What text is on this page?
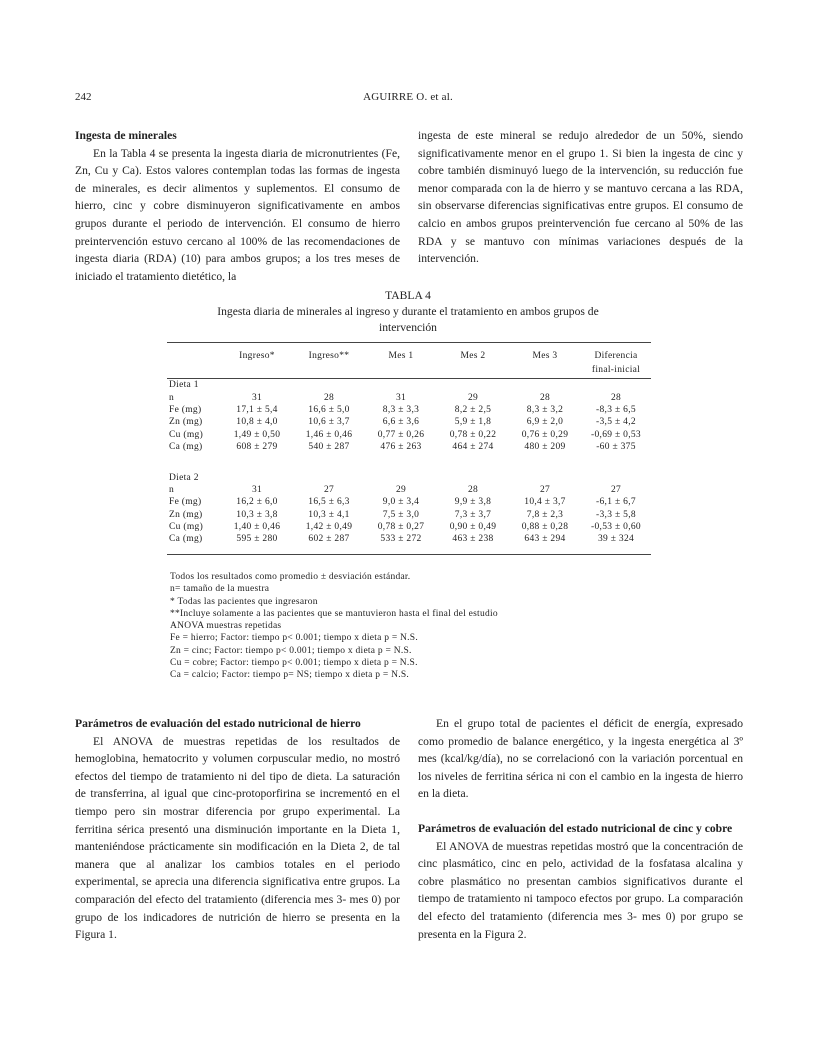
242	AGUIRRE O. et al.
Ingesta de minerales

En la Tabla 4 se presenta la ingesta diaria de micronutrientes (Fe, Zn, Cu y Ca). Estos valores contemplan todas las formas de ingesta de minerales, es decir alimentos y suplementos. El consumo de hierro, cinc y cobre disminuyeron significativamente en ambos grupos durante el periodo de intervención. El consumo de hierro preintervención estuvo cercano al 100% de las recomendaciones de ingesta diaria (RDA) (10) para ambos grupos; a los tres meses de iniciado el tratamiento dietético, la

ingesta de este mineral se redujo alrededor de un 50%, siendo significativamente menor en el grupo 1. Si bien la ingesta de cinc y cobre también disminuyó luego de la intervención, su reducción fue menor comparada con la de hierro y se mantuvo cercana a las RDA, sin observarse diferencias significativas entre grupos. El consumo de calcio en ambos grupos preintervención fue cercano al 50% de las RDA y se mantuvo con mínimas variaciones después de la intervención.

TABLA 4
Ingesta diaria de minerales al ingreso y durante el tratamiento en ambos grupos de intervención
	Ingreso*	Ingreso**	Mes 1	Mes 2	Mes 3	Diferencia
						final-inicial
Dieta 1						
n	31	28	31	29	28	28
Fe (mg)	17,1 ± 5,4	16,6 ± 5,0	8,3 ± 3,3	8,2 ± 2,5	8,3 ± 3,2	-8,3 ± 6,5
Zn (mg)	10,8 ± 4,0	10,6 ± 3,7	6,6 ± 3,6	5,9 ± 1,8	6,9 ± 2,0	-3,5 ± 4,2
Cu (mg)	1,49 ± 0,50	1,46 ± 0,46	0,77 ± 0,26	0,78 ± 0,22	0,76 ± 0,29	-0,69 ± 0,53
Ca (mg)	608 ± 279	540 ± 287	476 ± 263	464 ± 274	480 ± 209	-60 ± 375
Dieta 2						
n	31	27	29	28	27	27
Fe (mg)	16,2 ± 6,0	16,5 ± 6,3	9,0 ± 3,4	9,9 ± 3,8	10,4 ± 3,7	-6,1 ± 6,7
Zn (mg)	10,3 ± 3,8	10,3 ± 4,1	7,5 ± 3,0	7,3 ± 3,7	7,8 ± 2,3	-3,3 ± 5,8
Cu (mg)	1,40 ± 0,46	1,42 ± 0,49	0,78 ± 0,27	0,90 ± 0,49	0,88 ± 0,28	-0,53 ± 0,60
Ca (mg)	595 ± 280	602 ± 287	533 ± 272	463 ± 238	643 ± 294	39 ± 324
Todos los resultados como promedio ± desviación estándar.
n= tamaño de la muestra
* Todas las pacientes que ingresaron
**Incluye solamente a las pacientes que se mantuvieron hasta el final del estudio
ANOVA muestras repetidas
Fe = hierro; Factor: tiempo p< 0.001; tiempo x dieta p = N.S.
Zn = cinc; Factor: tiempo p< 0.001; tiempo x dieta p = N.S.
Cu = cobre; Factor: tiempo p< 0.001; tiempo x dieta p = N.S.
Ca = calcio; Factor: tiempo p= NS; tiempo x dieta p = N.S.
Parámetros de evaluación del estado nutricional de hierro

El ANOVA de muestras repetidas de los resultados de hemoglobina, hematocrito y volumen corpuscular medio, no mostró efectos del tiempo de tratamiento ni del tipo de dieta. La saturación de transferrina, al igual que cinc-protoporfirina se incrementó en el tiempo pero sin mostrar diferencia por grupo experimental. La ferritina sérica presentó una disminución importante en la Dieta 1, manteniéndose prácticamente sin modificación en la Dieta 2, de tal manera que al analizar los cambios totales en el periodo experimental, se aprecia una diferencia significativa entre grupos. La comparación del efecto del tratamiento (diferencia mes 3- mes 0) por grupo de los indicadores de nutrición de hierro se presenta en la Figura 1.

En el grupo total de pacientes el déficit de energía, expresado como promedio de balance energético, y la ingesta energética al 3º mes (kcal/kg/día), no se correlacionó con la variación porcentual en los niveles de ferritina sérica ni con el cambio en la ingesta de hierro en la dieta.

Parámetros de evaluación del estado nutricional de cinc y cobre

El ANOVA de muestras repetidas mostró que la concentración de cinc plasmático, cinc en pelo, actividad de la fosfatasa alcalina y cobre plasmático no presentan cambios significativos durante el tiempo de tratamiento ni tampoco efectos por grupo. La comparación del efecto del tratamiento (diferencia mes 3- mes 0) por grupo se presenta en la Figura 2.
